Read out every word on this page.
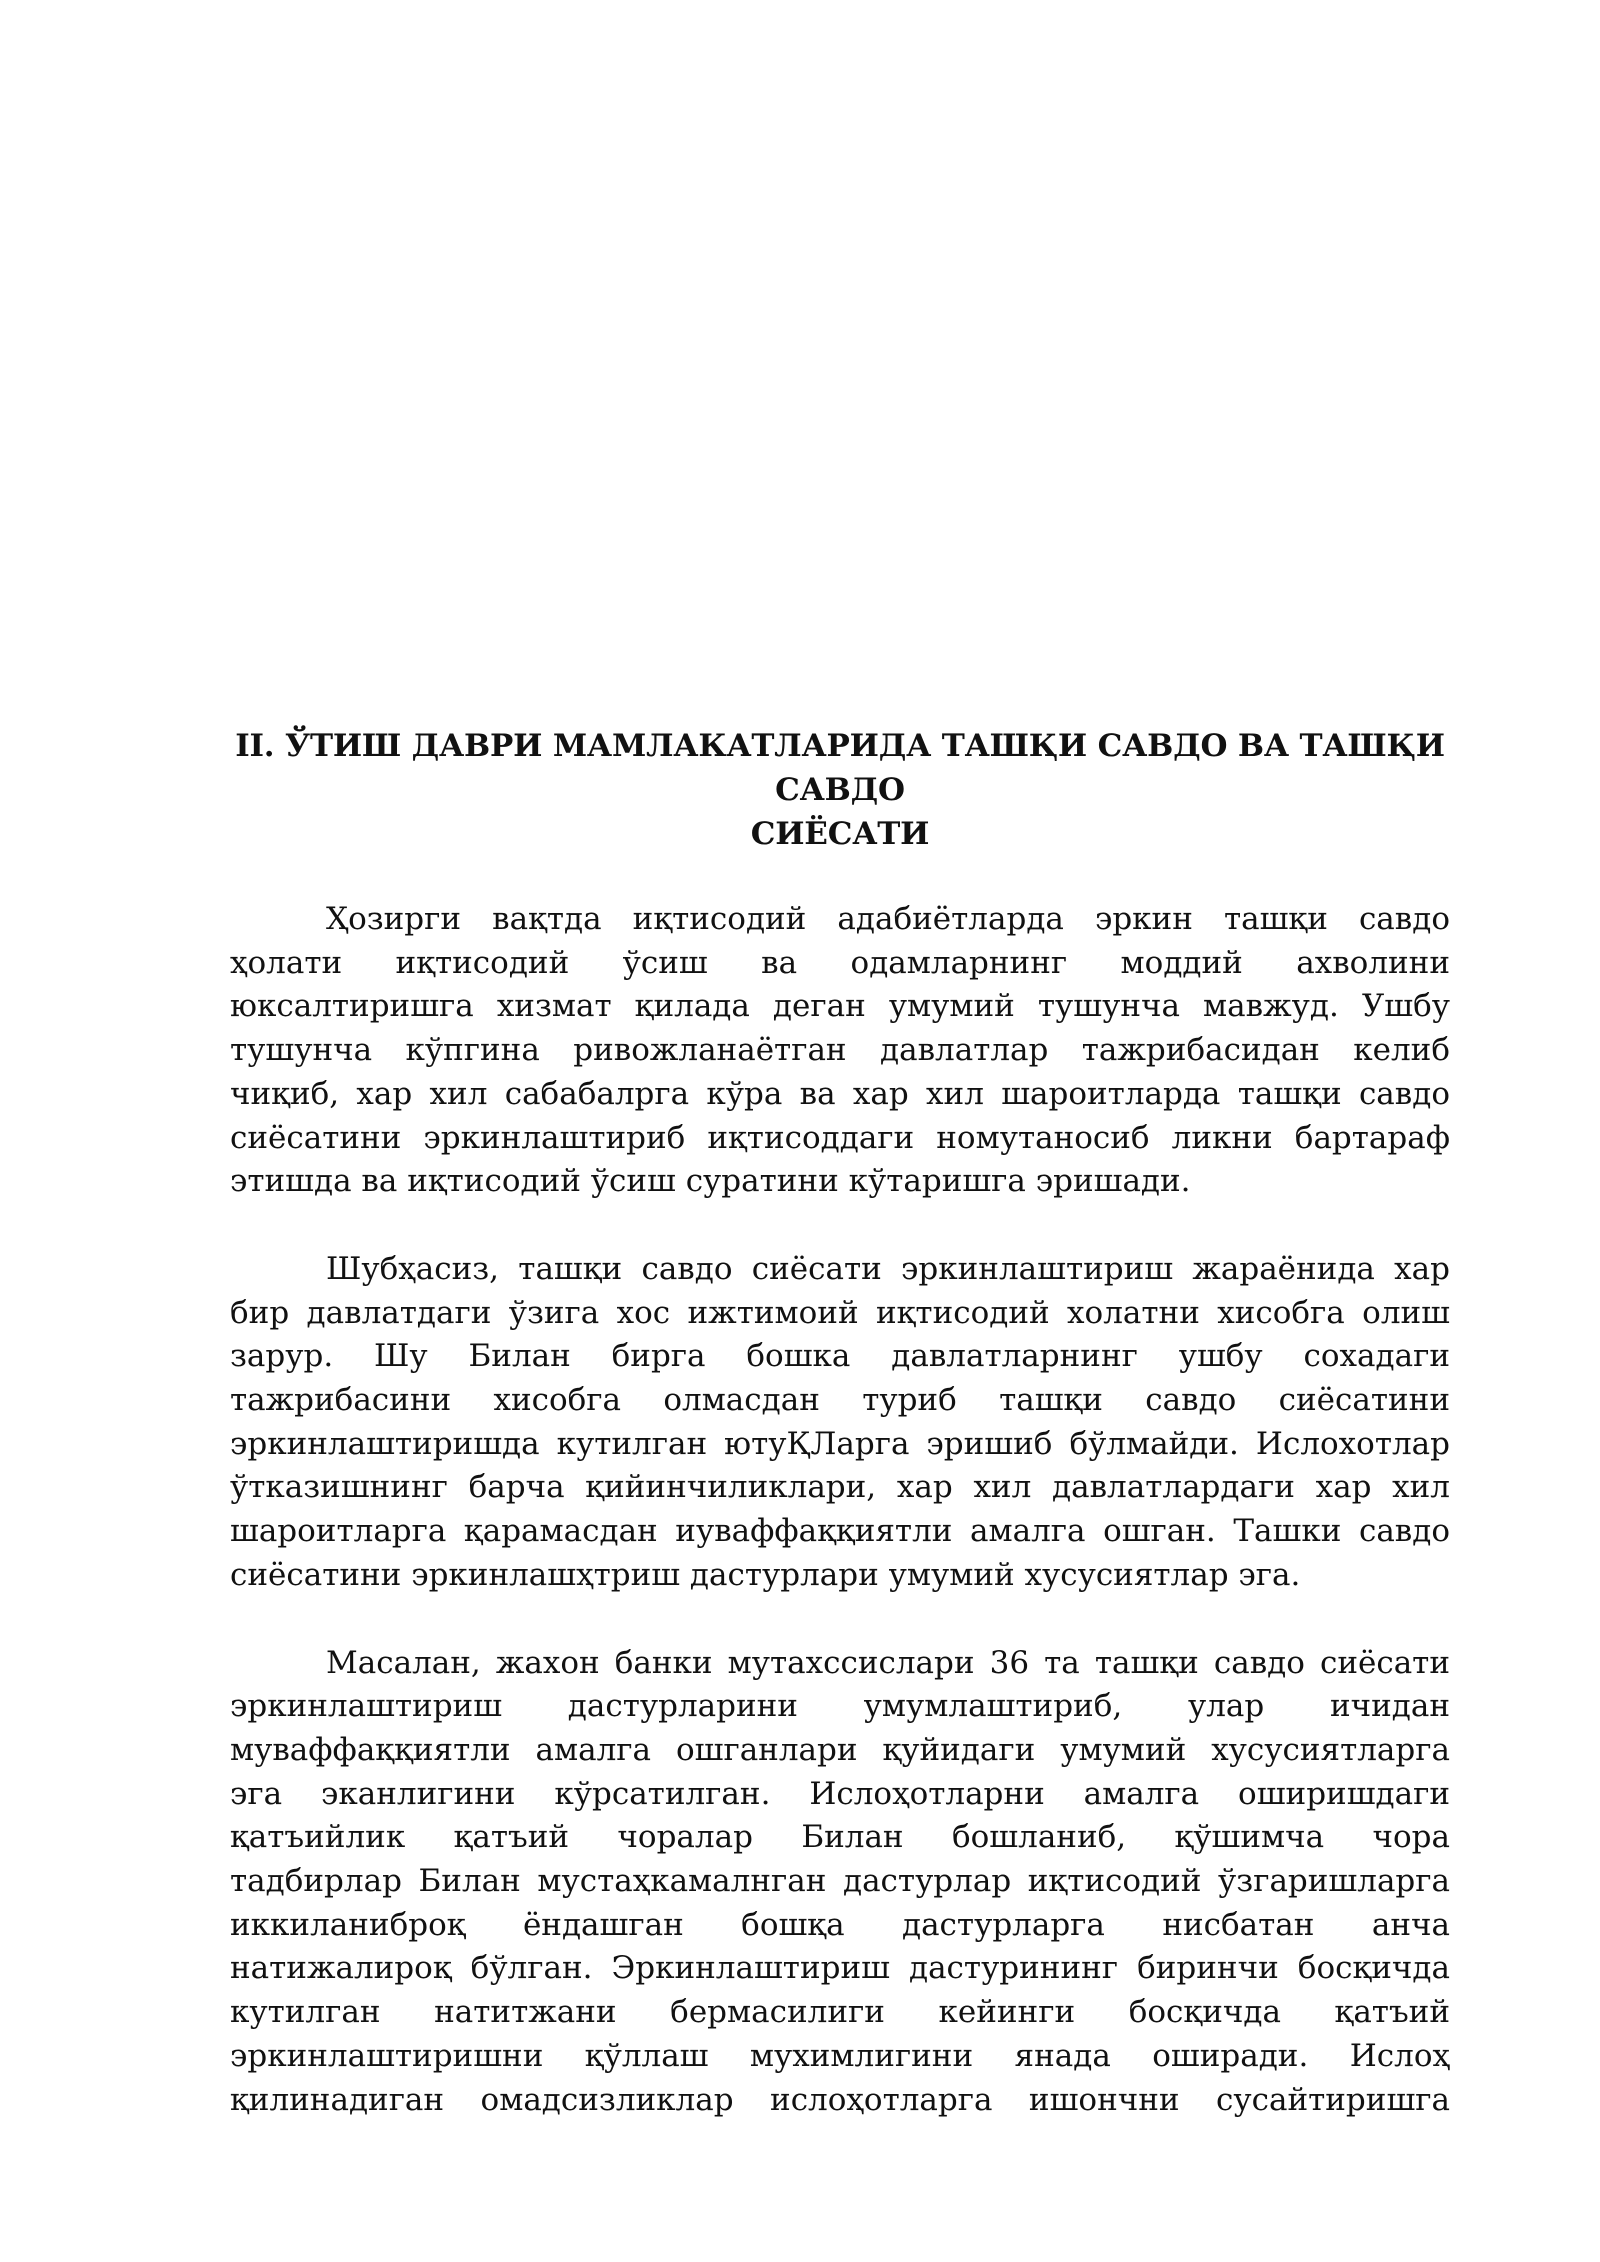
II. ЎТИШ ДАВРИ МАМЛАКАТЛАРИДА ТАШҚИ САВДО ВА ТАШҚИ САВДО
СИЁСАТИ

Ҳозирги вақтда иқтисодий адабиётларда эркин ташқи савдо
ҳолати иқтисодий ўсиш ва одамларнинг моддий ахволини
юксалтиришга хизмат қилада деган умумий тушунча мавжуд. Ушбу
тушунча кўпгина ривожланаётган давлатлар тажрибасидан келиб
чиқиб, хар хил сабабалрга кўра ва хар хил шароитларда ташқи савдо
сиёсатини эркинлаштириб иқтисоддаги номутаносиб ликни бартараф
этишда ва иқтисодий ўсиш суратини кўтаришга эришади.

Шубҳасиз, ташқи савдо сиёсати эркинлаштириш жараёнида хар
бир давлатдаги ўзига хос ижтимоий иқтисодий холатни хисобга олиш
зарур. Шу Билан бирга бошка давлатларнинг ушбу сохадаги
тажрибасини хисобга олмасдан туриб ташқи савдо сиёсатини
эркинлаштиришда кутилган ютуҚЛарга эришиб бўлмайди. Ислохотлар
ўтказишнинг барча қийинчиликлари, хар хил давлатлардаги хар хил
шароитларга қарамасдан иуваффаққиятли амалга ошган. Ташки савдо
сиёсатини эркинлашҳтриш дастурлари умумий хусусиятлар эга.

Масалан, жахон банки мутахссислари 36 та ташқи савдо сиёсати
эркинлаштириш дастурларини умумлаштириб, улар ичидан
муваффаққиятли амалга ошганлари қуйидаги умумий хусусиятларга
эга эканлигини кўрсатилган. Ислоҳотларни амалга оширишдаги
қатъийлик қатъий чоралар Билан бошланиб, қўшимча чора
тадбирлар Билан мустаҳкамалнган дастурлар иқтисодий ўзгаришларга
иккиланиброқ ёндашган бошқа дастурларга нисбатан анча
натижалироқ бўлган. Эркинлаштириш дастурининг биринчи босқичда
кутилган натитжани бермасилиги кейинги босқичда қатъий
эркинлаштиришни қўллаш мухимлигини янада оширади. Ислоҳ
қилинадиган омадсизликлар ислоҳотларга ишончни сусайтиришга
